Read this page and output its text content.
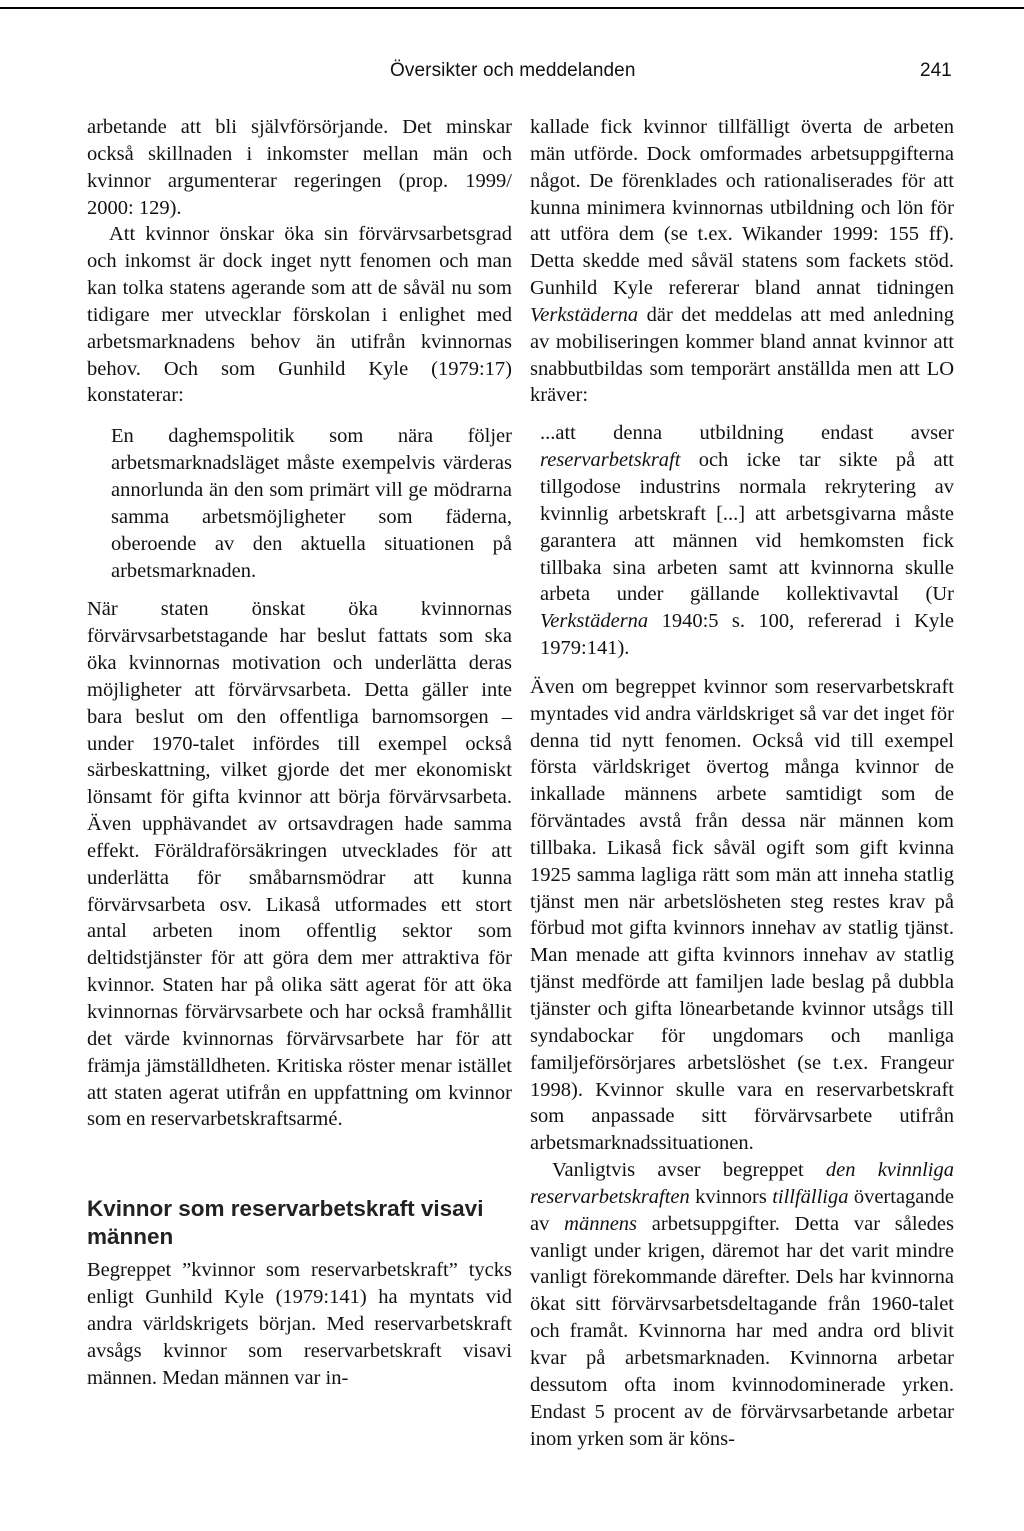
Översikter och meddelanden	241

arbetande att bli självförsörjande. Det minskar också skillnaden i inkomster mellan män och kvinnor argumenterar regeringen (prop. 1999/ 2000: 129).

Att kvinnor önskar öka sin förvärvsarbetsgrad och inkomst är dock inget nytt fenomen och man kan tolka statens agerande som att de såväl nu som tidigare mer utvecklar förskolan i enlighet med arbetsmarknadens behov än utifrån kvinnornas behov. Och som Gunhild Kyle (1979:17) konstaterar:

En daghemspolitik som nära följer arbetsmarknadsläget måste exempelvis värderas annorlunda än den som primärt vill ge mödrarna samma arbetsmöjligheter som fäderna, oberoende av den aktuella situationen på arbetsmarknaden.

När staten önskat öka kvinnornas förvärvsarbetstagande har beslut fattats som ska öka kvinnornas motivation och underlätta deras möjligheter att förvärvsarbeta. Detta gäller inte bara beslut om den offentliga barnomsorgen – under 1970-talet infördes till exempel också särbeskattning, vilket gjorde det mer ekonomiskt lönsamt för gifta kvinnor att börja förvärvsarbeta. Även upphävandet av ortsavdragen hade samma effekt. Föräldraförsäkringen utvecklades för att underlätta för småbarnsmödrar att kunna förvärvsarbeta osv. Likaså utformades ett stort antal arbeten inom offentlig sektor som deltidstjänster för att göra dem mer attraktiva för kvinnor. Staten har på olika sätt agerat för att öka kvinnornas förvärvsarbete och har också framhållit det värde kvinnornas förvärvsarbete har för att främja jämställdheten. Kritiska röster menar istället att staten agerat utifrån en uppfattning om kvinnor som en reservarbetskraftsarmé.

Kvinnor som reservarbetskraft visavi männen

Begreppet ”kvinnor som reservarbetskraft” tycks enligt Gunhild Kyle (1979:141) ha myntats vid andra världskrigets början. Med reservarbetskraft avsågs kvinnor som reservarbetskraft visavi männen. Medan männen var in-

kallade fick kvinnor tillfälligt överta de arbeten män utförde. Dock omformades arbetsuppgifterna något. De förenklades och rationaliserades för att kunna minimera kvinnornas utbildning och lön för att utföra dem (se t.ex. Wikander 1999: 155 ff). Detta skedde med såväl statens som fackets stöd. Gunhild Kyle refererar bland annat tidningen Verkstäderna där det meddelas att med anledning av mobiliseringen kommer bland annat kvinnor att snabbutbildas som temporärt anställda men att LO kräver:

...att denna utbildning endast avser reservarbetskraft och icke tar sikte på att tillgodose industrins normala rekrytering av kvinnlig arbetskraft [...] att arbetsgivarna måste garantera att männen vid hemkomsten fick tillbaka sina arbeten samt att kvinnorna skulle arbeta under gällande kollektivavtal (Ur Verkstäderna 1940:5 s. 100, refererad i Kyle 1979:141).

Även om begreppet kvinnor som reservarbetskraft myntades vid andra världskriget så var det inget för denna tid nytt fenomen. Också vid till exempel första världskriget övertog många kvinnor de inkallade männens arbete samtidigt som de förväntades avstå från dessa när männen kom tillbaka. Likaså fick såväl ogift som gift kvinna 1925 samma lagliga rätt som män att inneha statlig tjänst men när arbetslösheten steg restes krav på förbud mot gifta kvinnors innehav av statlig tjänst. Man menade att gifta kvinnors innehav av statlig tjänst medförde att familjen lade beslag på dubbla tjänster och gifta lönearbetande kvinnor utsågs till syndabockar för ungdomars och manliga familjeförsörjares arbetslöshet (se t.ex. Frangeur 1998). Kvinnor skulle vara en reservarbetskraft som anpassade sitt förvärvsarbete utifrån arbetsmarknadssituationen.

Vanligtvis avser begreppet den kvinnliga reservarbetskraften kvinnors tillfälliga övertagande av männens arbetsuppgifter. Detta var således vanligt under krigen, däremot har det varit mindre vanligt förekommande därefter. Dels har kvinnorna ökat sitt förvärvsarbetsdeltagande från 1960-talet och framåt. Kvinnorna har med andra ord blivit kvar på arbetsmarknaden. Kvinnorna arbetar dessutom ofta inom kvinnodominerade yrken. Endast 5 procent av de förvärvsarbetande arbetar inom yrken som är köns-
